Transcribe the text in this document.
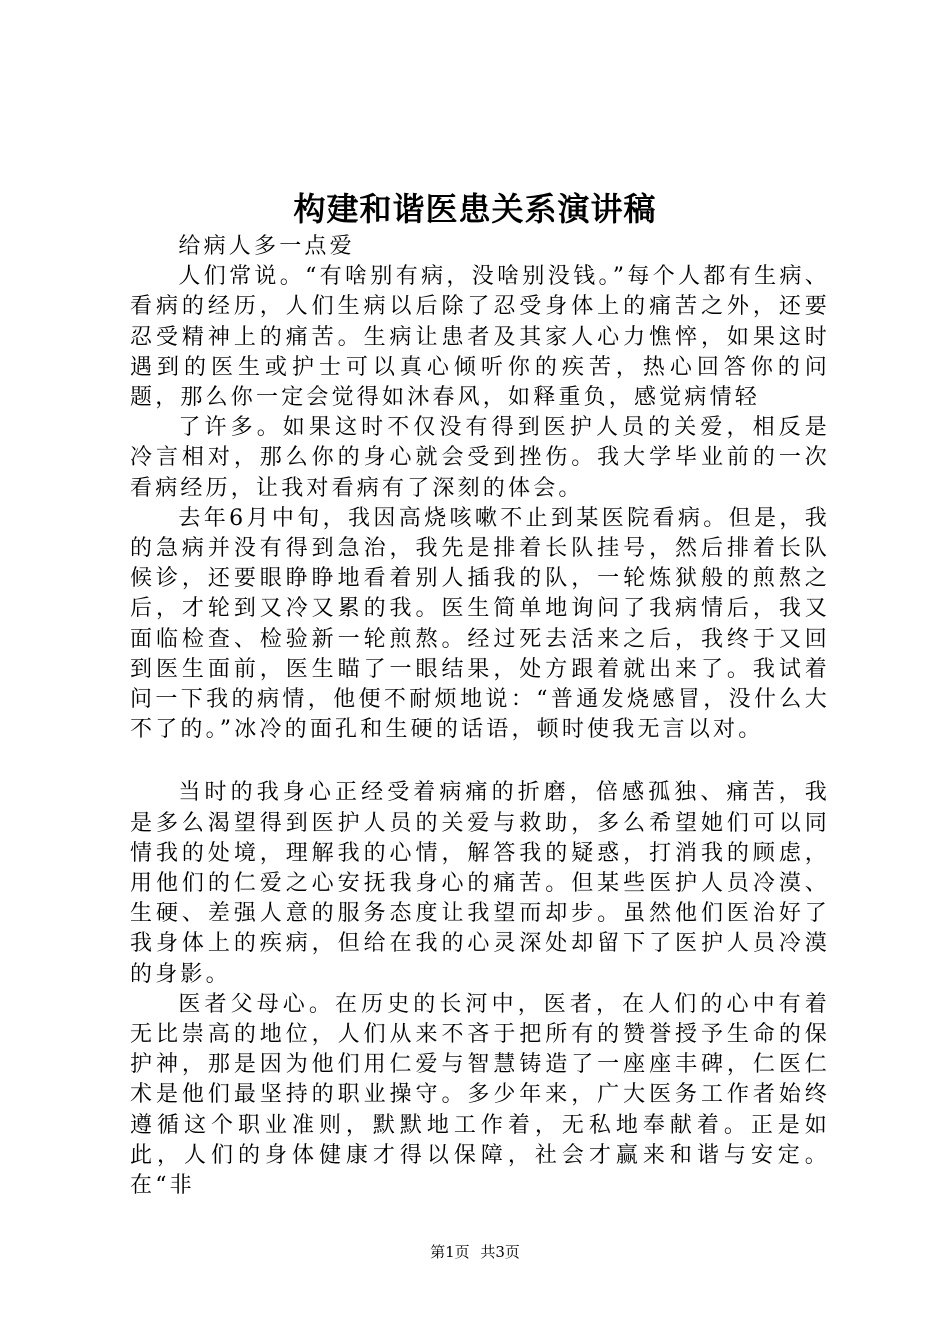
构建和谐医患关系演讲稿

给病人多一点爱

人们常说。“有啥别有病，没啥别没钱。”每个人都有生病、看病的经历，人们生病以后除了忍受身体上的痛苦之外，还要忍受精神上的痛苦。生病让患者及其家人心力憔悴，如果这时遇到的医生或护士可以真心倾听你的疾苦，热心回答你的问题，那么你一定会觉得如沐春风，如释重负，感觉病情轻

了许多。如果这时不仅没有得到医护人员的关爱，相反是冷言相对，那么你的身心就会受到挫伤。我大学毕业前的一次看病经历，让我对看病有了深刻的体会。

去年6月中旬，我因高烧咳嗽不止到某医院看病。但是，我的急病并没有得到急治，我先是排着长队挂号，然后排着长队候诊，还要眼睁睁地看着别人插我的队，一轮炼狱般的煎熬之后，才轮到又冷又累的我。医生简单地询问了我病情后，我又面临检查、检验新一轮煎熬。经过死去活来之后，我终于又回到医生面前，医生瞄了一眼结果，处方跟着就出来了。我试着问一下我的病情，他便不耐烦地说：“普通发烧感冒，没什么大不了的。”冰冷的面孔和生硬的话语，顿时使我无言以对。

当时的我身心正经受着病痛的折磨，倍感孤独、痛苦，我是多么渴望得到医护人员的关爱与救助，多么希望她们可以同情我的处境，理解我的心情，解答我的疑惑，打消我的顾虑，用他们的仁爱之心安抚我身心的痛苦。但某些医护人员冷漠、生硬、差强人意的服务态度让我望而却步。虽然他们医治好了我身体上的疾病，但给在我的心灵深处却留下了医护人员冷漠的身影。

医者父母心。在历史的长河中，医者，在人们的心中有着无比崇高的地位，人们从来不吝于把所有的赞誉授予生命的保护神，那是因为他们用仁爱与智慧铸造了一座座丰碑，仁医仁术是他们最坚持的职业操守。多少年来，广大医务工作者始终遵循这个职业准则，默默地工作着，无私地奉献着。正是如此，人们的身体健康才得以保障，社会才赢来和谐与安定。在“非

第1页 共3页
